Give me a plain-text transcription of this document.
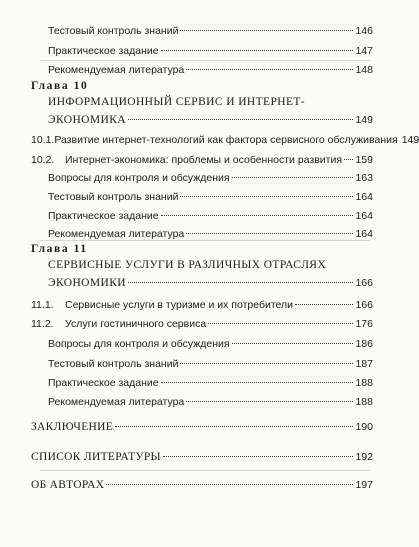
Тестовый контроль знаний	146
Практическое задание	147
Рекомендуемая литература	148
Глава 10
ИНФОРМАЦИОННЫЙ СЕРВИС И ИНТЕРНЕТ-
ЭКОНОМИКА	149
10.1. Развитие интернет-технологий как фактора сервисного обслуживания 149
10.2.	Интернет-экономика: проблемы и особенности развития 159
Вопросы для контроля и обсуждения	163
Тестовый контроль знаний	164
Практическое задание	164
Рекомендуемая литература	164
Глава 11
СЕРВИСНЫЕ УСЛУГИ В РАЗЛИЧНЫХ ОТРАСЛЯХ
ЭКОНОМИКИ	166
11.1.	Сервисные услуги в туризме и их потребители	166
11.2.	Услуги гостиничного сервиса	176
Вопросы для контроля и обсуждения	186
Тестовый контроль знаний	187
Практическое задание	188
Рекомендуемая литература	188
ЗАКЛЮЧЕНИЕ	190
СПИСОК ЛИТЕРАТУРЫ	192
ОБ АВТОРАХ	197
